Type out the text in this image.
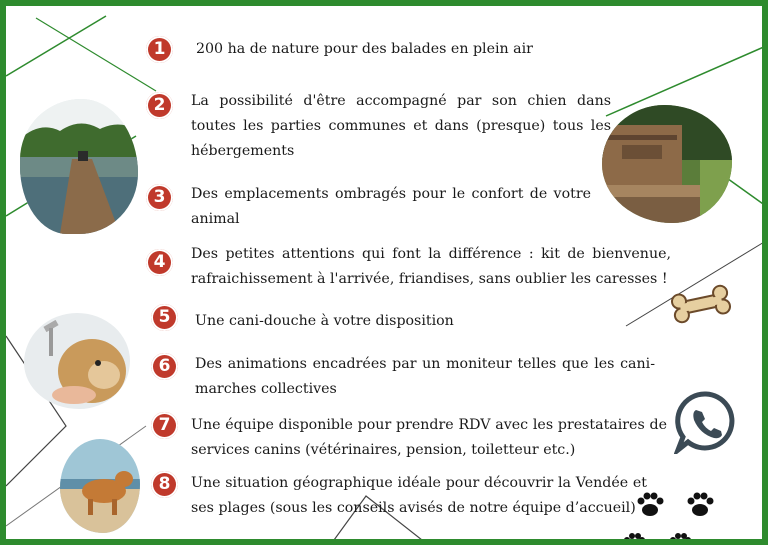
1	200 ha de nature pour des balades en plein air
2	La possibilité d'être accompagné par son chien dans toutes les parties communes et dans (presque) tous les hébergements
3	Des emplacements ombragés pour le confort de votre animal
4	Des petites attentions qui font la différence : kit de bienvenue, rafraichissement à l'arrivée, friandises, sans oublier les caresses !
5	Une cani-douche à votre disposition
6	Des animations encadrées par un moniteur telles que les cani-marches collectives
7	Une équipe disponible pour prendre RDV avec les prestataires de services canins (vétérinaires, pension, toiletteur etc.)
8	Une situation géographique idéale pour découvrir la Vendée et ses plages (sous les conseils avisés de notre équipe d’accueil)
